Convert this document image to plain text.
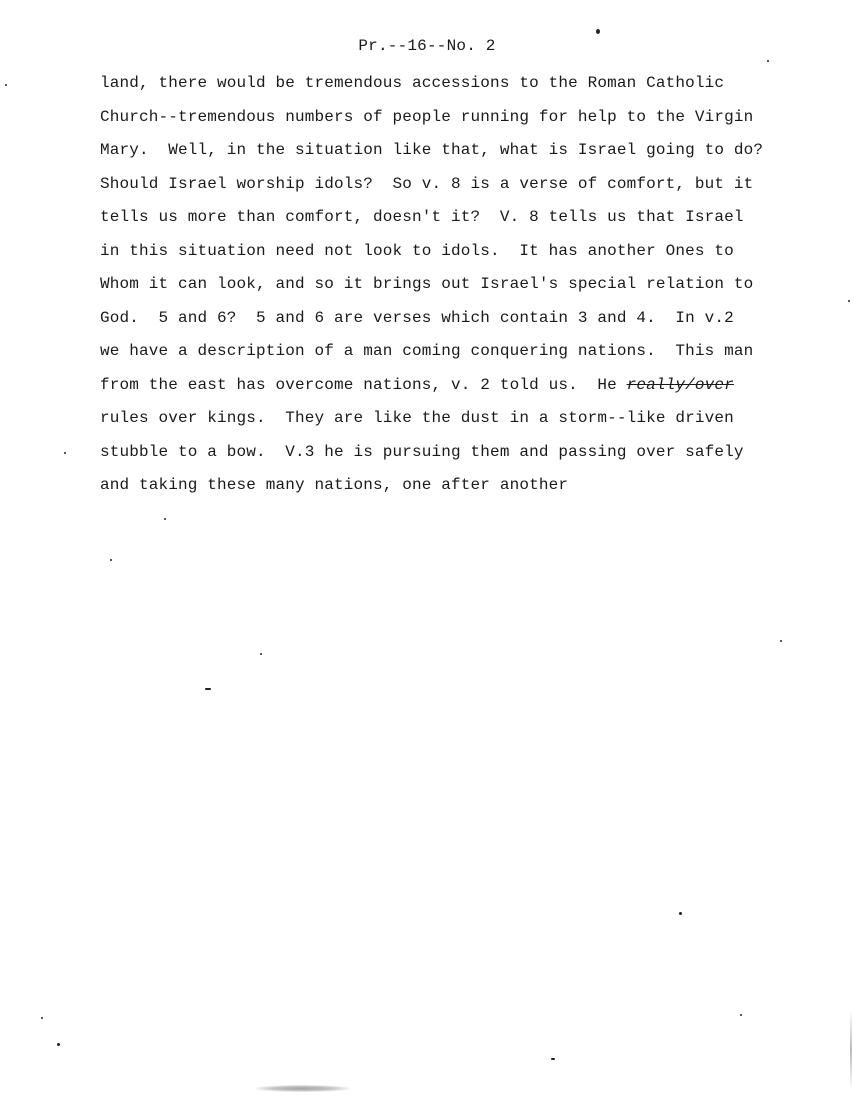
Pr.--16--No. 2
land, there would be tremendous accessions to the Roman Catholic
Church--tremendous numbers of people running for help to the Virgin
Mary.  Well, in the situation like that, what is Israel going to do?
Should Israel worship idols?  So v. 8 is a verse of comfort, but it
tells us more than comfort, doesn't it?  V. 8 tells us that Israel
in this situation need not look to idols.  It has another Ones to
Whom it can look, and so it brings out Israel's special relation to
God.  5 and 6?  5 and 6 are verses which contain 3 and 4.  In v.2
we have a description of a man coming conquering nations.  This man
from the east has overcome nations, v. 2 told us.  He really/over
rules over kings.  They are like the dust in a storm--like driven
stubble to a bow.  V.3 he is pursuing them and passing over safely
and taking these many nations, one after another
